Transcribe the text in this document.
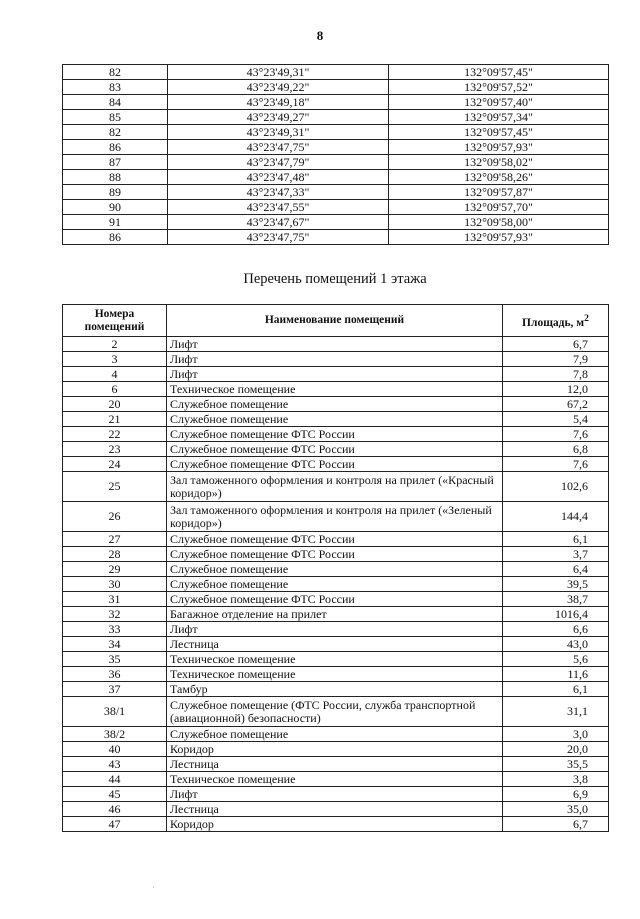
8
82	43°23'49,31"	132°09'57,45"
83	43°23'49,22"	132°09'57,52"
84	43°23'49,18"	132°09'57,40"
85	43°23'49,27"	132°09'57,34"
82	43°23'49,31"	132°09'57,45"
86	43°23'47,75"	132°09'57,93"
87	43°23'47,79"	132°09'58,02"
88	43°23'47,48"	132°09'58,26"
89	43°23'47,33"	132°09'57,87"
90	43°23'47,55"	132°09'57,70"
91	43°23'47,67"	132°09'58,00"
86	43°23'47,75"	132°09'57,93"
Перечень помещений 1 этажа
Номера
помещений	Наименование помещений	Площадь, $м^2$
2	Лифт	6,7
3	Лифт	7,9
4	Лифт	7,8
6	Техническое помещение	12,0
20	Служебное помещение	67,2
21	Служебное помещение	5,4
22	Служебное помещение ФТС России	7,6
23	Служебное помещение ФТС России	6,8
24	Служебное помещение ФТС России	7,6
25	Зал таможенного оформления и контроля на прилет («Красный коридор»)	102,6
26	Зал таможенного оформления и контроля на прилет («Зеленый коридор»)	144,4
27	Служебное помещение ФТС России	6,1
28	Служебное помещение ФТС России	3,7
29	Служебное помещение	6,4
30	Служебное помещение	39,5
31	Служебное помещение ФТС России	38,7
32	Багажное отделение на прилет	1016,4
33	Лифт	6,6
34	Лестница	43,0
35	Техническое помещение	5,6
36	Техническое помещение	11,6
37	Тамбур	6,1
38/1	Служебное помещение (ФТС России, служба транспортной (авиационной) безопасности)	31,1
38/2	Служебное помещение	3,0
40	Коридор	20,0
43	Лестница	35,5
44	Техническое помещение	3,8
45	Лифт	6,9
46	Лестница	35,0
47	Коридор	6,7
·
